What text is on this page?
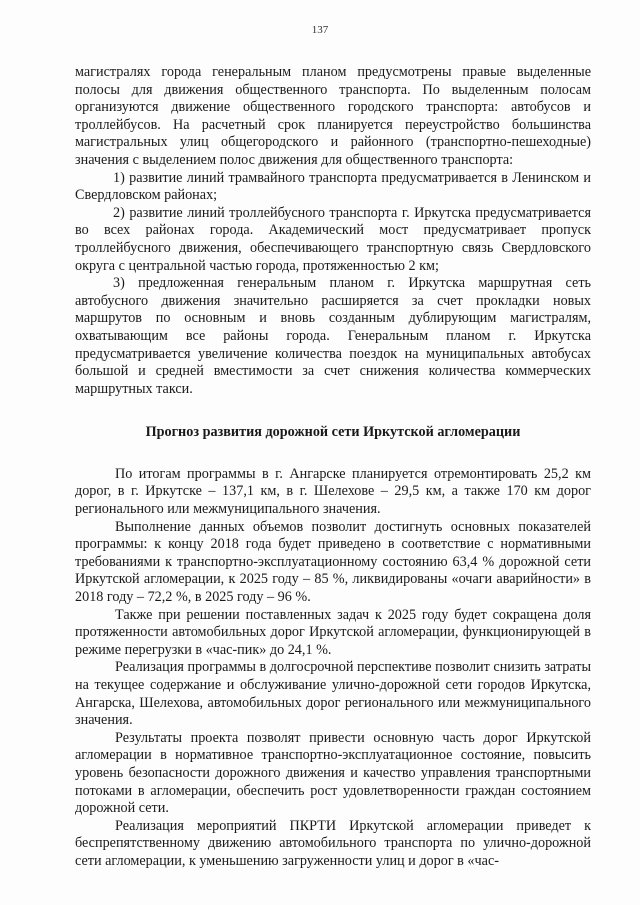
137

магистралях города генеральным планом предусмотрены правые выделенные полосы для движения общественного транспорта. По выделенным полосам организуются движение общественного городского транспорта: автобусов и троллейбусов. На расчетный срок планируется переустройство большинства магистральных улиц общегородского и районного (транспортно-пешеходные) значения с выделением полос движения для общественного транспорта:

1) развитие линий трамвайного транспорта предусматривается в Ленинском и Свердловском районах;

2) развитие линий троллейбусного транспорта г. Иркутска предусматривается во всех районах города. Академический мост предусматривает пропуск троллейбусного движения, обеспечивающего транспортную связь Свердловского округа с центральной частью города, протяженностью 2 км;

3) предложенная генеральным планом г. Иркутска маршрутная сеть автобусного движения значительно расширяется за счет прокладки новых маршрутов по основным и вновь созданным дублирующим магистралям, охватывающим все районы города. Генеральным планом г. Иркутска предусматривается увеличение количества поездок на муниципальных автобусах большой и средней вместимости за счет снижения количества коммерческих маршрутных такси.

Прогноз развития дорожной сети Иркутской агломерации

По итогам программы в г. Ангарске планируется отремонтировать 25,2 км дорог, в г. Иркутске – 137,1 км, в г. Шелехове – 29,5 км, а также 170 км дорог регионального или межмуниципального значения.

Выполнение данных объемов позволит достигнуть основных показателей программы: к концу 2018 года будет приведено в соответствие с нормативными требованиями к транспортно-эксплуатационному состоянию 63,4 % дорожной сети Иркутской агломерации, к 2025 году – 85 %, ликвидированы «очаги аварийности» в 2018 году – 72,2 %, в 2025 году – 96 %.

Также при решении поставленных задач к 2025 году будет сокращена доля протяженности автомобильных дорог Иркутской агломерации, функционирующей в режиме перегрузки в «час-пик» до 24,1 %.

Реализация программы в долгосрочной перспективе позволит снизить затраты на текущее содержание и обслуживание улично-дорожной сети городов Иркутска, Ангарска, Шелехова, автомобильных дорог регионального или межмуниципального значения.

Результаты проекта позволят привести основную часть дорог Иркутской агломерации в нормативное транспортно-эксплуатационное состояние, повысить уровень безопасности дорожного движения и качество управления транспортными потоками в агломерации, обеспечить рост удовлетворенности граждан состоянием дорожной сети.

Реализация мероприятий ПКРТИ Иркутской агломерации приведет к беспрепятственному движению автомобильного транспорта по улично-дорожной сети агломерации, к уменьшению загруженности улиц и дорог в «час-
